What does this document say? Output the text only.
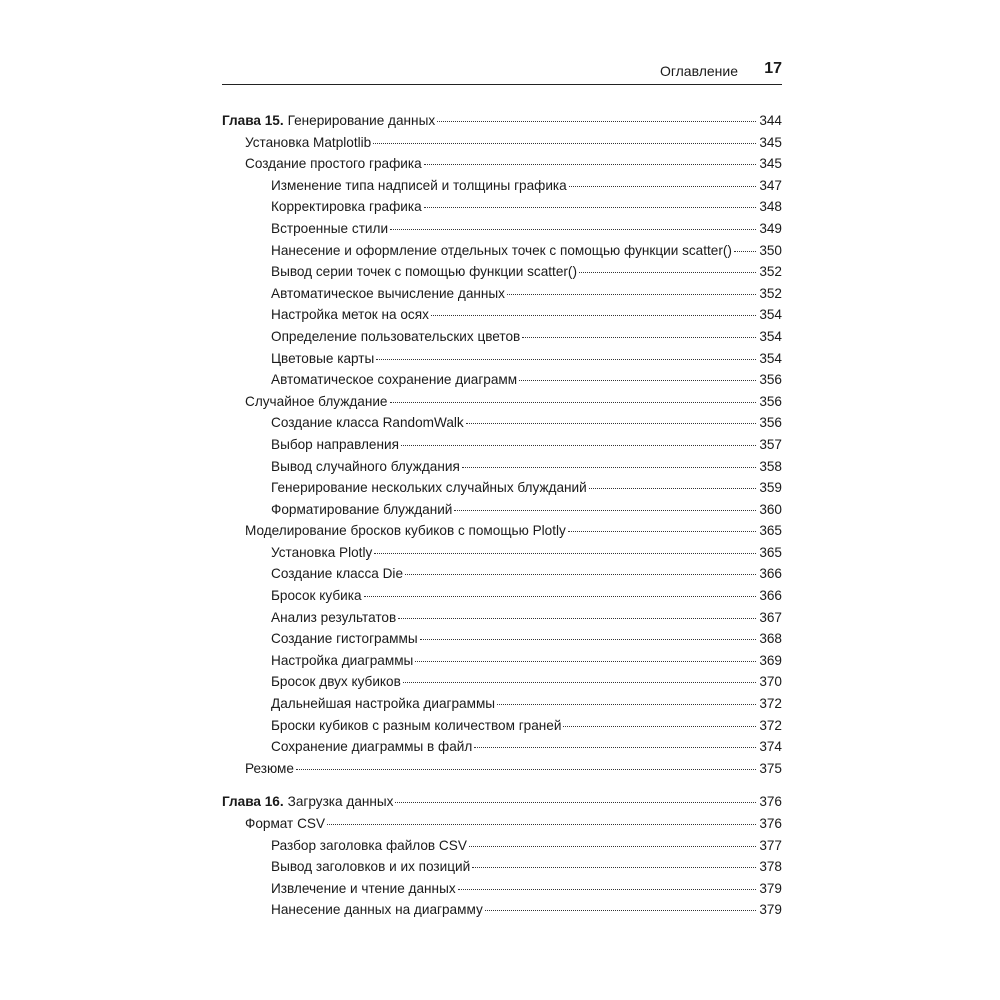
Оглавление 17
Глава 15. Генерирование данных	344
Установка Matplotlib	345
Создание простого графика	345
Изменение типа надписей и толщины графика	347
Корректировка графика	348
Встроенные стили	349
Нанесение и оформление отдельных точек с помощью функции scatter() 350
Вывод серии точек с помощью функции scatter()	352
Автоматическое вычисление данных	352
Настройка меток на осях	354
Определение пользовательских цветов	354
Цветовые карты	354
Автоматическое сохранение диаграмм	356
Случайное блуждание	356
Создание класса RandomWalk	356
Выбор направления	357
Вывод случайного блуждания	358
Генерирование нескольких случайных блужданий	359
Форматирование блужданий	360
Моделирование бросков кубиков с помощью Plotly	365
Установка Plotly	365
Создание класса Die	366
Бросок кубика	366
Анализ результатов	367
Создание гистограммы	368
Настройка диаграммы	369
Бросок двух кубиков	370
Дальнейшая настройка диаграммы	372
Броски кубиков с разным количеством граней	372
Сохранение диаграммы в файл	374
Резюме	375
Глава 16. Загрузка данных	376
Формат CSV	376
Разбор заголовка файлов CSV	377
Вывод заголовков и их позиций	378
Извлечение и чтение данных	379
Нанесение данных на диаграмму	379
